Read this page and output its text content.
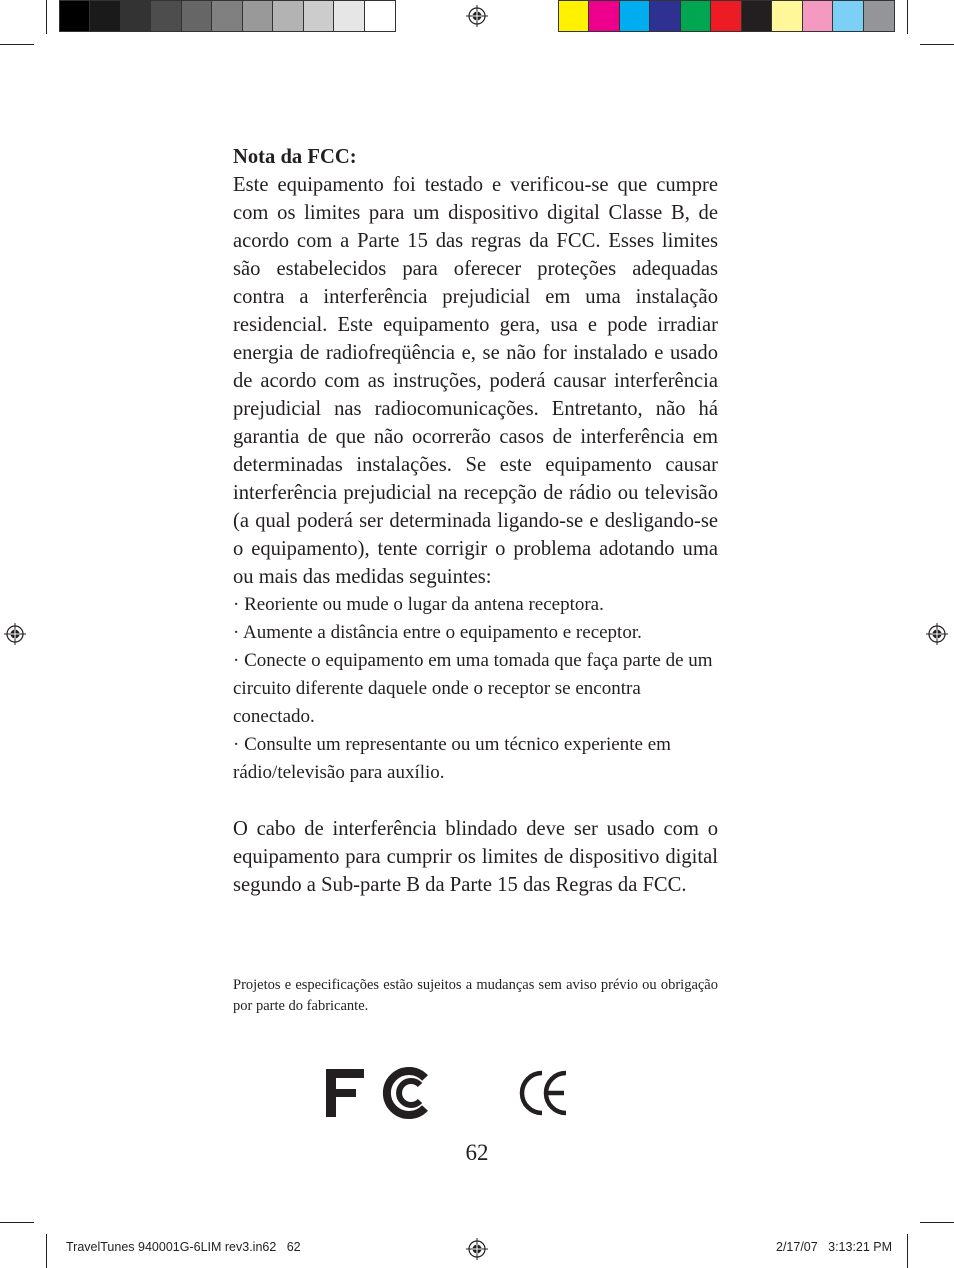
Nota da FCC:

Este equipamento foi testado e verificou-se que cumpre com os limites para um dispositivo digital Classe B, de acordo com a Parte 15 das regras da FCC. Esses limites são estabelecidos para oferecer proteções adequadas contra a interferência prejudicial em uma instalação residencial. Este equipamento gera, usa e pode irradiar energia de radiofreqüência e, se não for instalado e usado de acordo com as instruções, poderá causar interferência prejudicial nas radiocomunicações. Entretanto, não há garantia de que não ocorrerão casos de interferência em determinadas instalações. Se este equipamento causar interferência prejudicial na recepção de rádio ou televisão (a qual poderá ser determinada ligando-se e desligando-se o equipamento), tente corrigir o problema adotando uma ou mais das medidas seguintes:

· Reoriente ou mude o lugar da antena receptora.
· Aumente a distância entre o equipamento e receptor.
· Conecte o equipamento em uma tomada que faça parte de um circuito diferente daquele onde o receptor se encontra conectado.
· Consulte um representante ou um técnico experiente em rádio/televisão para auxílio.

O cabo de interferência blindado deve ser usado com o equipamento para cumprir os limites de dispositivo digital segundo a Sub-parte B da Parte 15 das Regras da FCC.

Projetos e especificações estão sujeitos a mudanças sem aviso prévio ou obrigação por parte do fabricante.
62
TravelTunes 940001G-6LIM rev3.in62   62	2/17/07   3:13:21 PM
